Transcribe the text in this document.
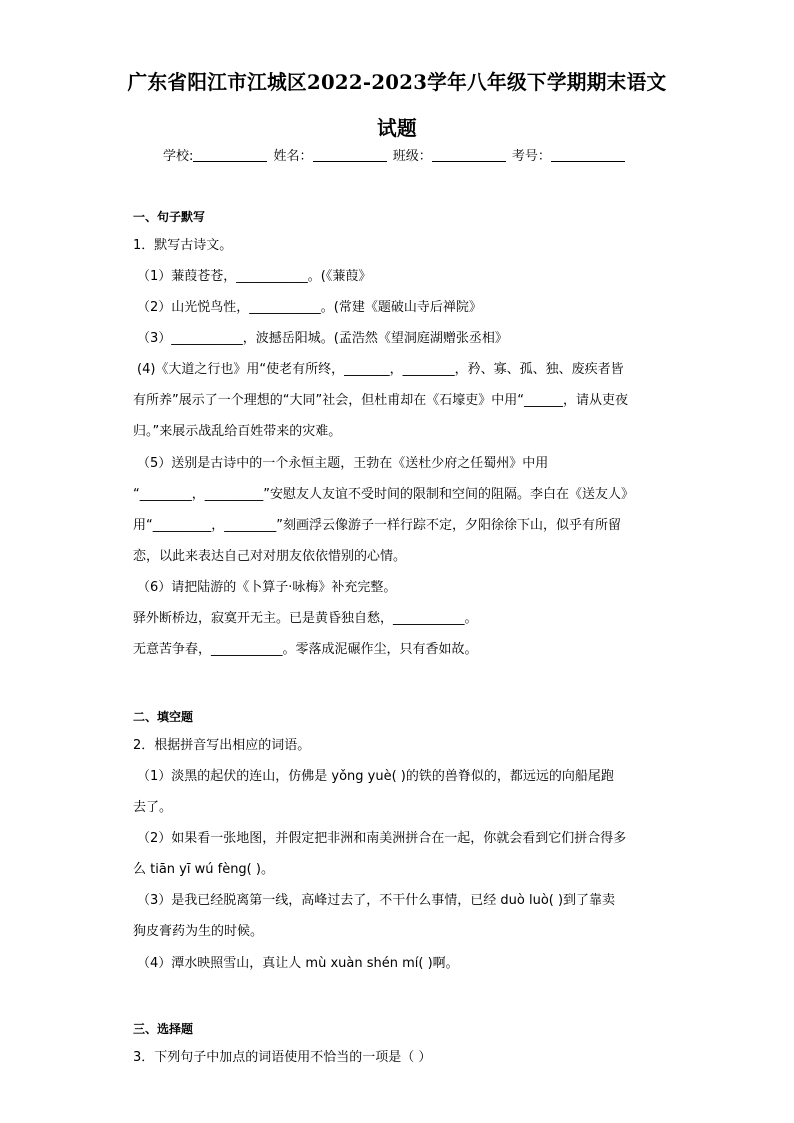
广东省阳江市江城区2022-2023学年八年级下学期期末语文
试题
学校:	姓名：	班级：	考号：
一、句子默写
1．默写古诗文。
（1）蒹葭苍苍，___________。(《蒹葭》
（2）山光悦鸟性，___________。(常建《题破山寺后禅院》
（3）___________，波撼岳阳城。(孟浩然《望洞庭湖赠张丞相》
(4)《大道之行也》用“使老有所终，_______，________，矜、寡、孤、独、废疾者皆
有所养”展示了一个理想的“大同”社会，但杜甫却在《石壕吏》中用“______，请从吏夜
归。”来展示战乱给百姓带来的灾难。
（5）送别是古诗中的一个永恒主题，王勃在《送杜少府之任蜀州》中用
“________，_________”安慰友人友谊不受时间的限制和空间的阻隔。李白在《送友人》
用“_________，________”刻画浮云像游子一样行踪不定，夕阳徐徐下山，似乎有所留
恋，以此来表达自己对对朋友依依惜别的心情。
（6）请把陆游的《卜算子·咏梅》补充完整。
驿外断桥边，寂寞开无主。已是黄昏独自愁，___________。
无意苦争春，___________。零落成泥碾作尘，只有香如故。
二、填空题
2．根据拼音写出相应的词语。
（1）淡黑的起伏的连山，仿佛是 yǒng yuè( )的铁的兽脊似的，都远远的向船尾跑
去了。
（2）如果看一张地图，并假定把非洲和南美洲拼合在一起，你就会看到它们拼合得多
么 tiān yī wú fèng( )。
（3）是我已经脱离第一线，高峰过去了，不干什么事情，已经 duò luò( )到了靠卖
狗皮膏药为生的时候。
（4）潭水映照雪山，真让人 mù xuàn shén mí( )啊。
三、选择题
3．下列句子中加点的词语使用不恰当的一项是（ ）
